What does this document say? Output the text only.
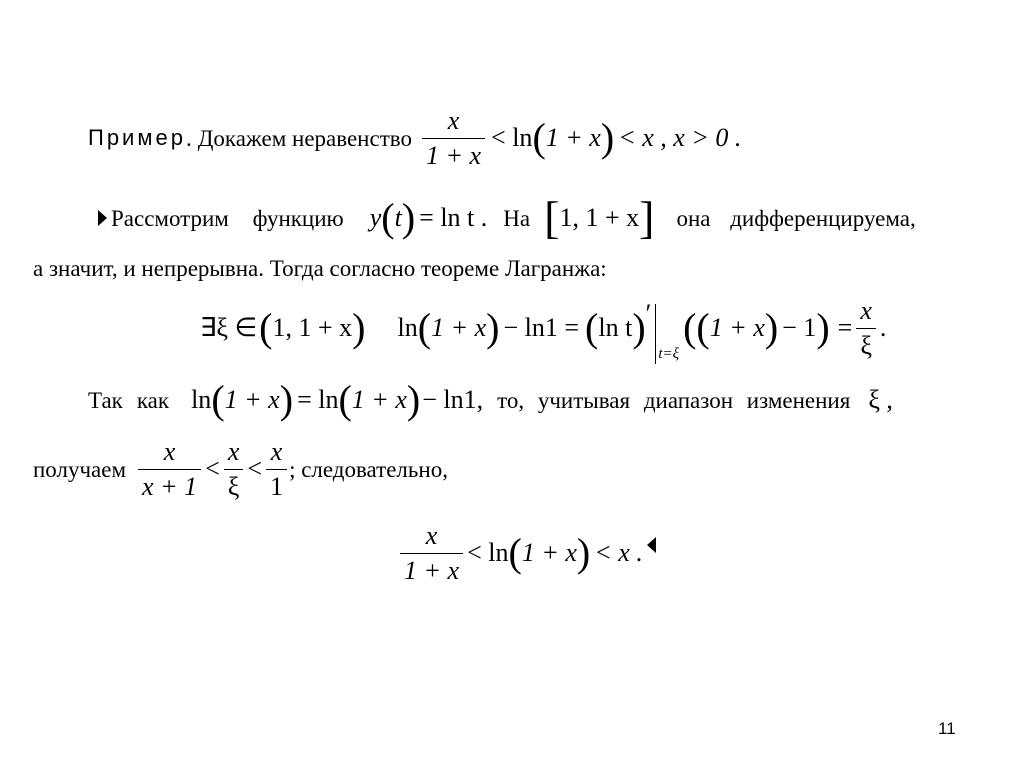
Пример . Докажем неравенство $\frac{x}{1 + x} < \ln$ ( 1 + x ) < x , x > 0 .
Рассмотрим функцию y ( t ) = ln t . На [ 1, 1 + x ] она дифференцируема,
а значит, и непрерывна. Тогда согласно теореме Лагранжа:
∃ξ ∈ ( 1, 1 + x ) ln ( 1 + x ) − ln1 = ( ln t ) ′
t=ξ
( ( 1 + x ) − 1 ) = $\frac{x}{\xi}$ .
Так как ln ( 1 + x ) = ln ( 1 + x ) − ln1, то, учитывая диапазон изменения ξ ,
получаем $\frac{x}{x + 1} < \frac{x}{\xi} < \frac{x}{1}$ ; следовательно,
$\frac{x}{1 + x} < \ln$ ( 1 + x ) < x .
11
